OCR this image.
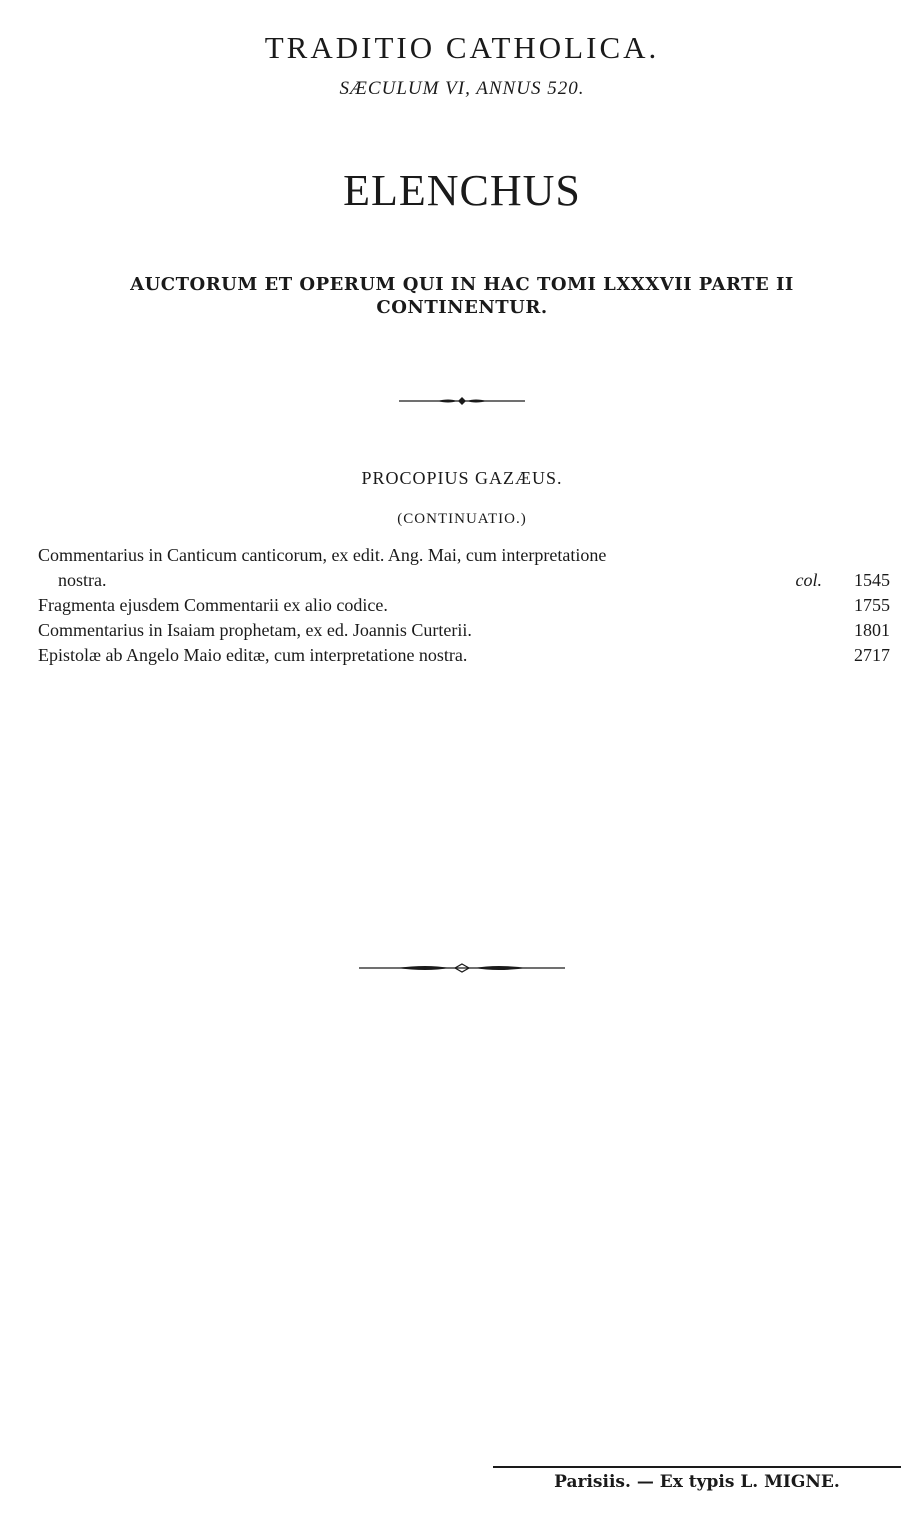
TRADITIO CATHOLICA.
SÆCULUM VI, ANNUS 520.
ELENCHUS
AUCTORUM ET OPERUM QUI IN HAC TOMI LXXXVII PARTE II CONTINENTUR.
PROCOPIUS GAZÆUS.
(CONTINUATIO.)
Commentarius in Canticum canticorum, ex edit. Ang. Mai, cum interpretatione
nostra.	col.	1545
Fragmenta ejusdem Commentarii ex alio codice.	1755
Commentarius in Isaiam prophetam, ex ed. Joannis Curterii.	1801
Epistolæ ab Angelo Maio editæ, cum interpretatione nostra.	2717
Parisiis. — Ex typis L. MIGNE.
